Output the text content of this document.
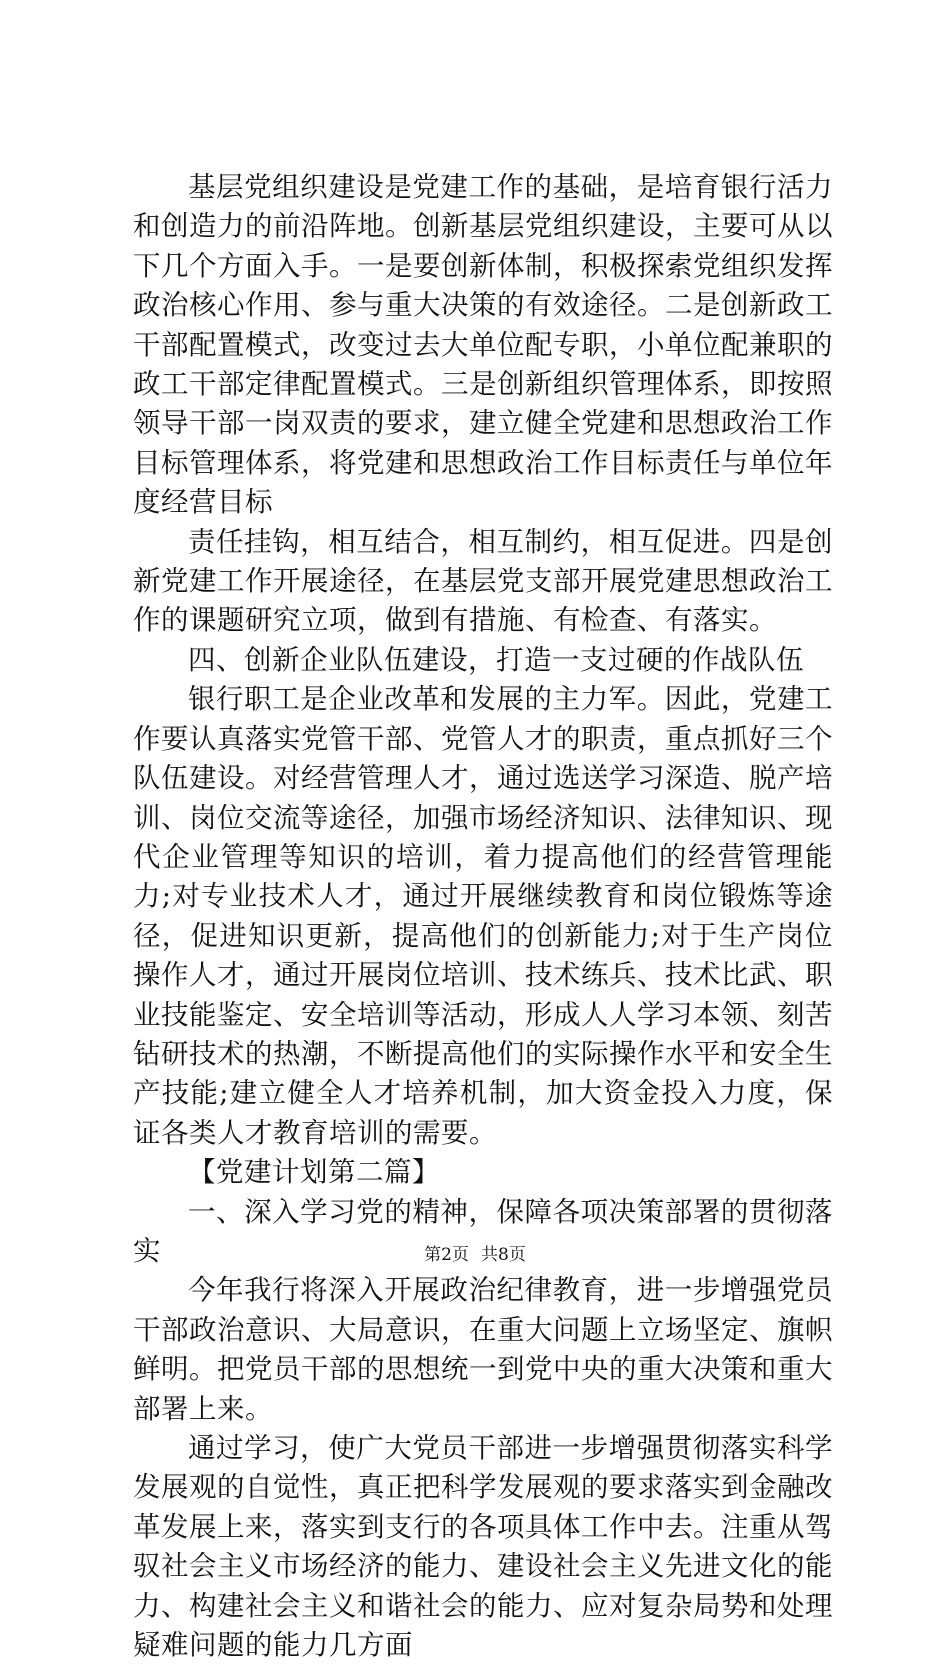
基层党组织建设是党建工作的基础，是培育银行活力和创造力的前沿阵地。创新基层党组织建设，主要可从以下几个方面入手。一是要创新体制，积极探索党组织发挥政治核心作用、参与重大决策的有效途径。二是创新政工干部配置模式，改变过去大单位配专职，小单位配兼职的政工干部定律配置模式。三是创新组织管理体系，即按照领导干部一岗双责的要求，建立健全党建和思想政治工作目标管理体系，将党建和思想政治工作目标责任与单位年度经营目标

责任挂钩，相互结合，相互制约，相互促进。四是创新党建工作开展途径，在基层党支部开展党建思想政治工作的课题研究立项，做到有措施、有检查、有落实。

四、创新企业队伍建设，打造一支过硬的作战队伍

银行职工是企业改革和发展的主力军。因此，党建工作要认真落实党管干部、党管人才的职责，重点抓好三个队伍建设。对经营管理人才，通过选送学习深造、脱产培训、岗位交流等途径，加强市场经济知识、法律知识、现代企业管理等知识的培训，着力提高他们的经营管理能力;对专业技术人才，通过开展继续教育和岗位锻炼等途径，促进知识更新，提高他们的创新能力;对于生产岗位操作人才，通过开展岗位培训、技术练兵、技术比武、职业技能鉴定、安全培训等活动，形成人人学习本领、刻苦钻研技术的热潮，不断提高他们的实际操作水平和安全生产技能;建立健全人才培养机制，加大资金投入力度，保证各类人才教育培训的需要。

【党建计划第二篇】

一、深入学习党的精神，保障各项决策部署的贯彻落实

今年我行将深入开展政治纪律教育，进一步增强党员干部政治意识、大局意识，在重大问题上立场坚定、旗帜鲜明。把党员干部的思想统一到党中央的重大决策和重大部署上来。

通过学习，使广大党员干部进一步增强贯彻落实科学发展观的自觉性，真正把科学发展观的要求落实到金融改革发展上来，落实到支行的各项具体工作中去。注重从驾驭社会主义市场经济的能力、建设社会主义先进文化的能力、构建社会主义和谐社会的能力、应对复杂局势和处理疑难问题的能力几方面

第2页 共8页
